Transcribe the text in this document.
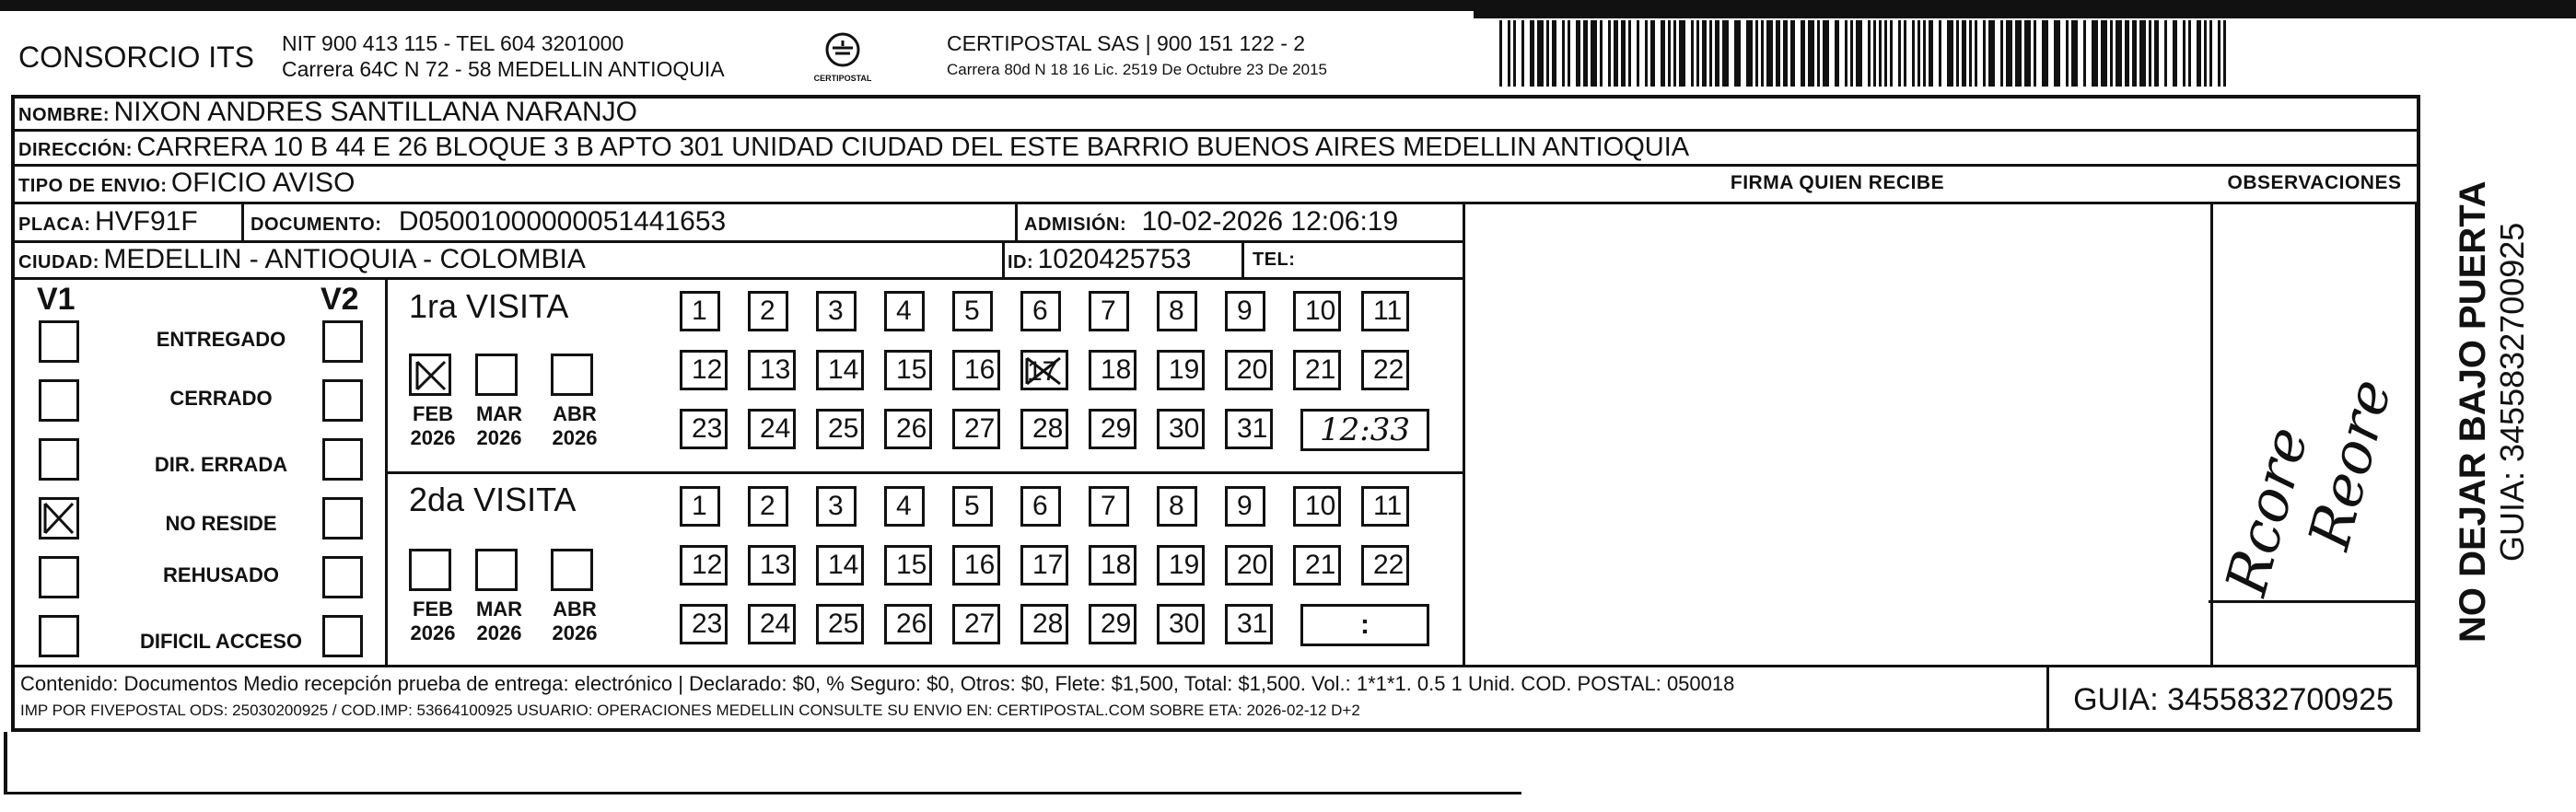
CONSORCIO ITS NIT 900 413 115 - TEL 604 3201000
Carrera 64C N 72 - 58 MEDELLIN ANTIOQUIA	CERTIPOSTAL
CERTIPOSTAL SAS | 900 151 122 - 2
Carrera 80d N 18 16 Lic. 2519 De Octubre 23 De 2015
NOMBRE: NIXON ANDRES SANTILLANA NARANJO
DIRECCIÓN: CARRERA 10 B 44 E 26 BLOQUE 3 B APTO 301 UNIDAD CIUDAD DEL ESTE BARRIO BUENOS AIRES MEDELLIN ANTIOQUIA
TIPO DE ENVIO: OFICIO AVISO	FIRMA QUIEN RECIBE	OBSERVACIONES
PLACA: HVF91F	DOCUMENTO: D05001000000051441653	ADMISIÓN: 10-02-2026 12:06:19
CIUDAD: MEDELLIN - ANTIOQUIA - COLOMBIA	ID: 1020425753	TEL:
V1	V2
ENTREGADO
CERRADO
DIR. ERRADA
NO RESIDE
REHUSADO
DIFICIL ACCESO
1ra VISITA
2da VISITA
FEB
2026
MAR
2026
ABR
2026
1	2	3	4	5	6	7	8	9	10	11
12	13	14	15	16 17	18	19	20	21	22
23	24	25	26	27	28	29	30	31	12:33
FEB
2026
MAR
2026
ABR
2026
1	2	3	4	5	6	7	8	9	10	11
12	13	14	15	16	17	18	19	20	21	22
23	24	25	26	27	28	29	30	31	:
Rcore
Reore NO DEJAR BAJO PUERTA GUIA: 3455832700925
Contenido: Documentos Medio recepción prueba de entrega: electrónico | Declarado: $0, % Seguro: $0, Otros: $0, Flete: $1,500, Total: $1,500. Vol.: 1*1*1. 0.5 1 Unid. COD. POSTAL: 050018
IMP POR FIVEPOSTAL ODS: 25030200925 / COD.IMP: 53664100925 USUARIO: OPERACIONES MEDELLIN CONSULTE SU ENVIO EN: CERTIPOSTAL.COM SOBRE ETA: 2026-02-12 D+2	GUIA: 3455832700925
